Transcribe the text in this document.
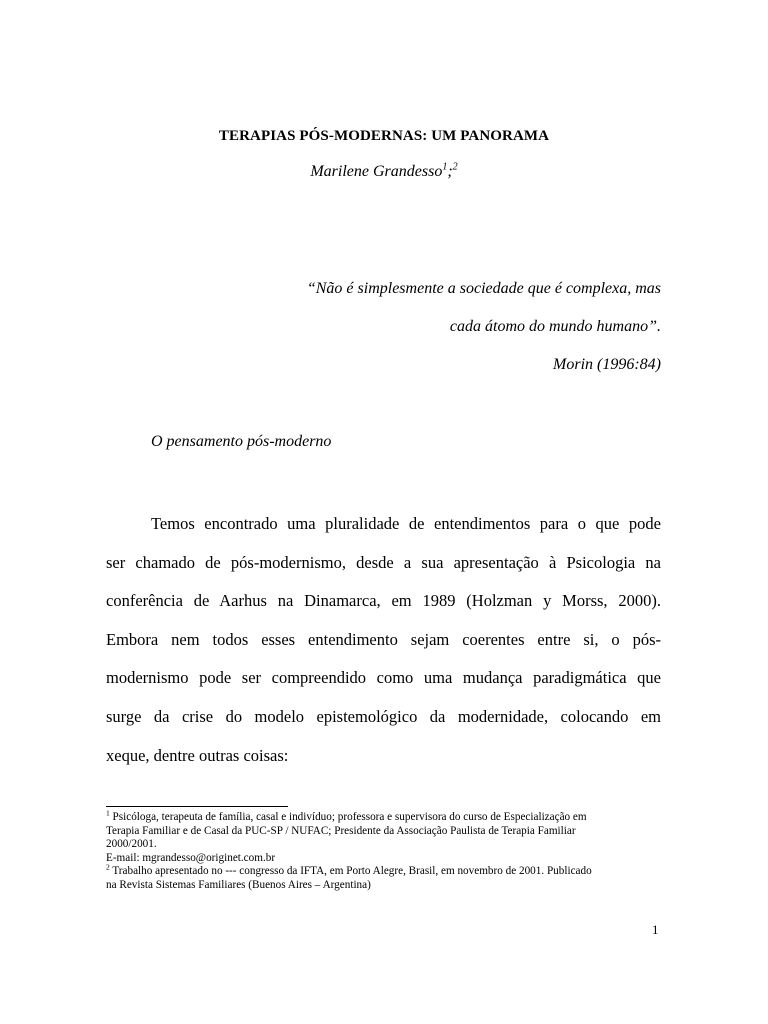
TERAPIAS PÓS-MODERNAS: UM PANORAMA
Marilene Grandesso$^1$;$^2$
“Não é simplesmente a sociedade que é complexa, mas
cada átomo do mundo humano”.
Morin (1996:84)
O pensamento pós-moderno
Temos encontrado uma pluralidade de entendimentos para o que pode
ser chamado de pós-modernismo, desde a sua apresentação à Psicologia na
conferência de Aarhus na Dinamarca, em 1989 (Holzman y Morss, 2000).
Embora nem todos esses entendimento sejam coerentes entre si, o pós-
modernismo pode ser compreendido como uma mudança paradigmática que
surge da crise do modelo epistemológico da modernidade, colocando em
xeque, dentre outras coisas:
$^1$ Psicóloga, terapeuta de família, casal e indivíduo; professora e supervisora do curso de Especialização em
Terapia Familiar e de Casal da PUC-SP / NUFAC; Presidente da Associação Paulista de Terapia Familiar
2000/2001.
E-mail: mgrandesso@originet.com.br
$^2$ Trabalho apresentado no --- congresso da IFTA, em Porto Alegre, Brasil, em novembro de 2001. Publicado
na Revista Sistemas Familiares (Buenos Aires – Argentina)
1
